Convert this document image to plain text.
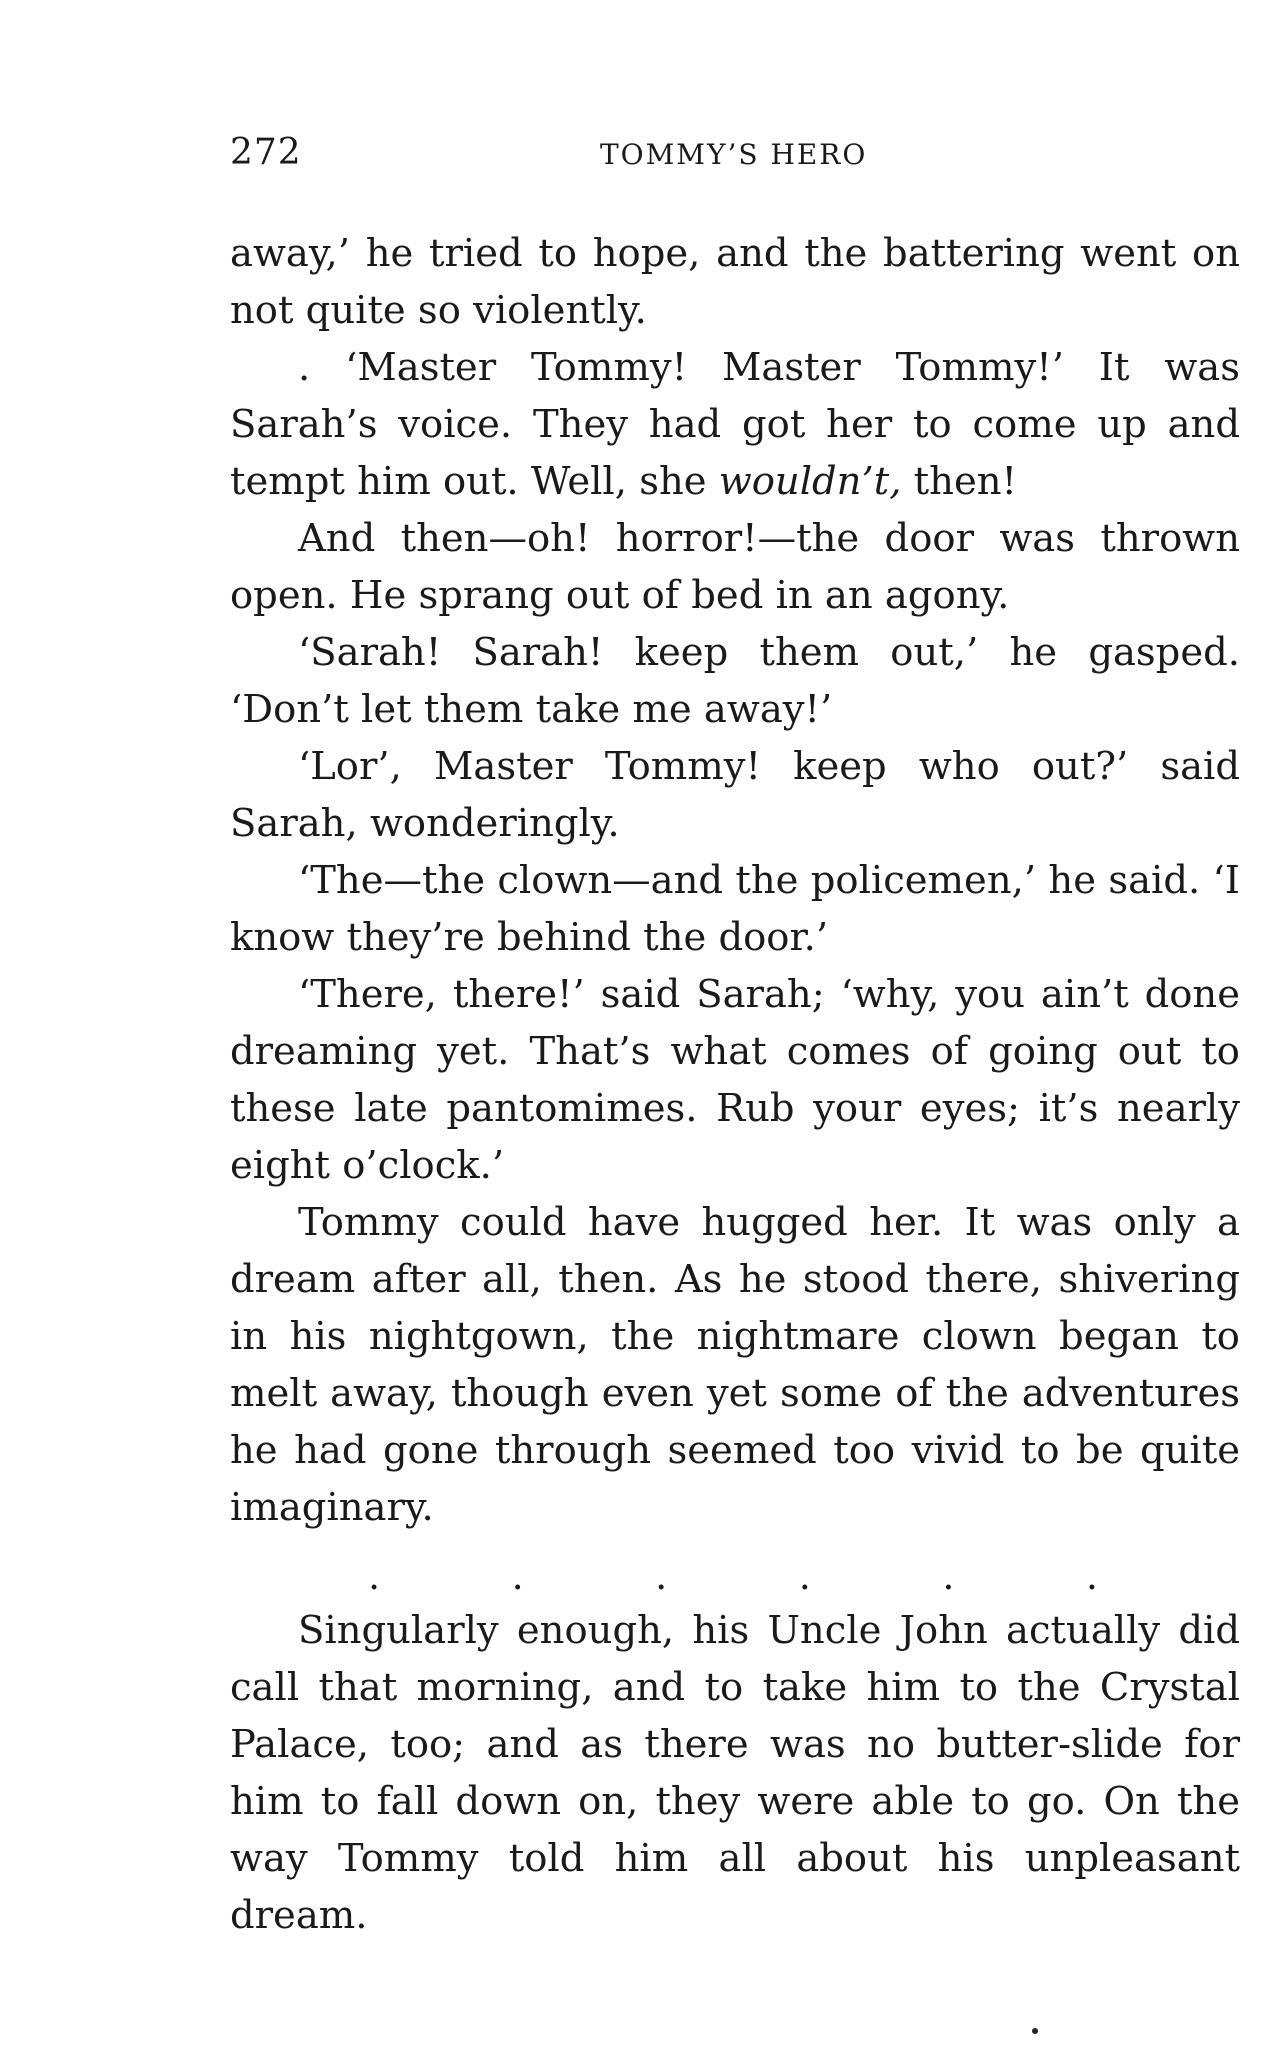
272	TOMMY’S HERO

away,’ he tried to hope, and the battering went on not quite so violently.

. ‘Master Tommy! Master Tommy!’ It was Sarah’s voice. They had got her to come up and tempt him out. Well, she wouldn’t, then!

And then—oh! horror!—the door was thrown open. He sprang out of bed in an agony.

‘Sarah! Sarah! keep them out,’ he gasped. ‘Don’t let them take me away!’

‘Lor’, Master Tommy! keep who out?’ said Sarah, wonderingly.

‘The—the clown—and the policemen,’ he said. ‘I know they’re behind the door.’

‘There, there!’ said Sarah; ‘why, you ain’t done dreaming yet. That’s what comes of going out to these late pantomimes. Rub your eyes; it’s nearly eight o’clock.’

Tommy could have hugged her. It was only a dream after all, then. As he stood there, shivering in his nightgown, the nightmare clown began to melt away, though even yet some of the adventures he had gone through seemed too vivid to be quite imaginary.

.	.	.	.	.	.

Singularly enough, his Uncle John actually did call that morning, and to take him to the Crystal Palace, too; and as there was no butter-slide for him to fall down on, they were able to go. On the way Tommy told him all about his unpleasant dream.
